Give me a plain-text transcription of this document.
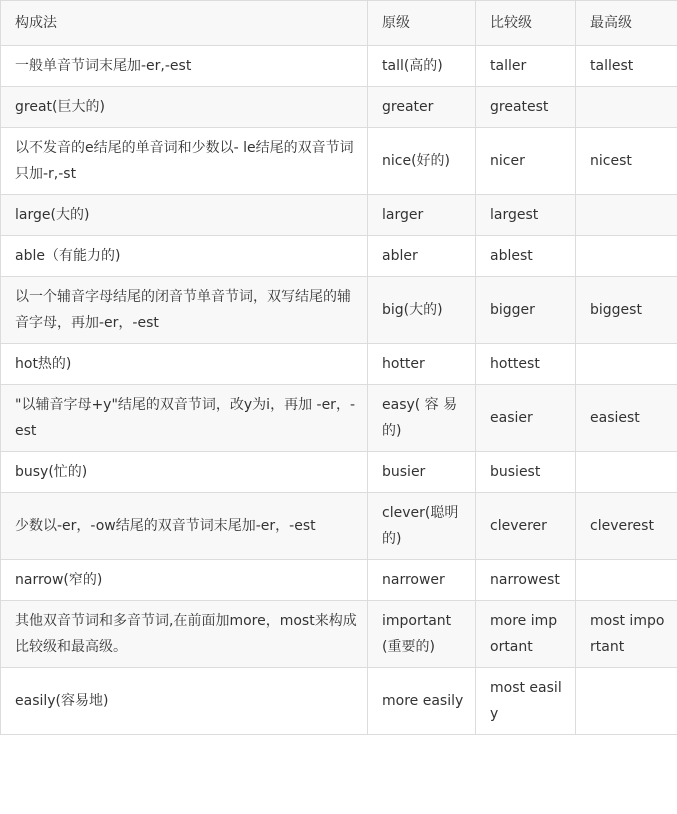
构成法	原级	比较级	最高级
一般单音节词末尾加-er,-est	tall(高的)	taller	tallest
great(巨大的)	greater	greatest	
以不发音的e结尾的单音词和少数以- le结尾的双音节词只加-r,-st	nice(好的)	nicer	nicest
large(大的)	larger	largest	
able（有能力的)	abler	ablest	
以一个辅音字母结尾的闭音节单音节词，双写结尾的辅音字母，再加-er，-est	big(大的)	bigger	biggest
hot热的)	hotter	hottest	
"以辅音字母+y"结尾的双音节词，改y为i，再加 -er，-est	easy( 容 易 的)	easier	easiest
busy(忙的)	busier	busiest	
少数以-er，-ow结尾的双音节词末尾加-er，-est	clever(聪明的)	cleverer	cleverest
narrow(窄的)	narrower	narrowest	
其他双音节词和多音节词,在前面加more，most来构成比较级和最高级。	important (重要的)	more important	most important
easily(容易地)	more easily	most easily	
